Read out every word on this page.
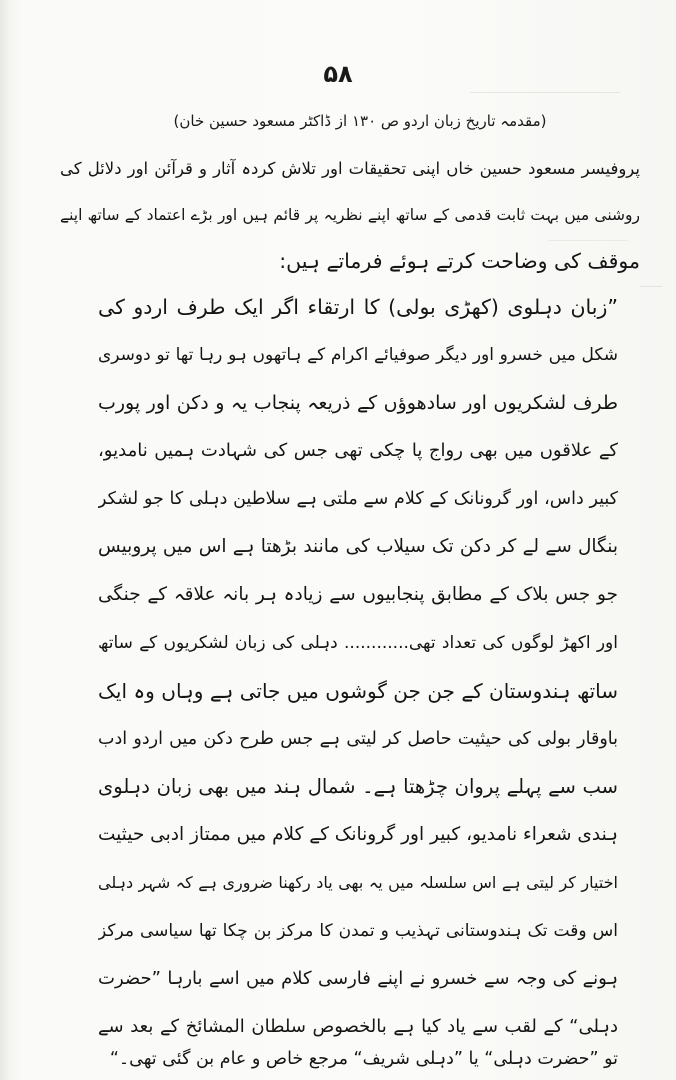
۵۸
(مقدمہ تاریخ زبان اردو ص ۱۳۰ از ڈاکٹر مسعود حسین خان)
پروفیسر مسعود حسین خاں اپنی تحقیقات اور تلاش کردہ آثار و قرآئن اور دلائل کی
روشنی میں بہت ثابت قدمی کے ساتھ اپنے نظریہ پر قائم ہیں اور بڑے اعتماد کے ساتھ اپنے
موقف کی وضاحت کرتے ہوئے فرماتے ہیں:
”زبان دہلوی (کھڑی بولی) کا ارتقاء اگر ایک طرف اردو کی
شکل میں خسرو اور دیگر صوفیائے اکرام کے ہاتھوں ہو رہا تھا تو دوسری
طرف لشکریوں اور سادھوؤں کے ذریعہ پنجاب یہ و دکن اور پورب
کے علاقوں میں بھی رواج پا چکی تھی جس کی شہادت ہمیں نامدیو،
کبیر داس، اور گرونانک کے کلام سے ملتی ہے سلاطین دہلی کا جو لشکر
بنگال سے لے کر دکن تک سیلاب کی مانند بڑھتا ہے اس میں پروبیس
جو جس بلاک کے مطابق پنجابیوں سے زیادہ ہر بانہ علاقہ کے جنگی
اور اکھڑ لوگوں کی تعداد تھی............ دہلی کی زبان لشکریوں کے ساتھ
ساتھ ہندوستان کے جن جن گوشوں میں جاتی ہے وہاں وہ ایک
باوقار بولی کی حیثیت حاصل کر لیتی ہے جس طرح دکن میں اردو ادب
سب سے پہلے پروان چڑھتا ہے۔ شمال ہند میں بھی زبان دہلوی
ہندی شعراء نامدیو، کبیر اور گرونانک کے کلام میں ممتاز ادبی حیثیت
اختیار کر لیتی ہے اس سلسلہ میں یہ بھی یاد رکھنا ضروری ہے کہ شہر دہلی
اس وقت تک ہندوستانی تہذیب و تمدن کا مرکز بن چکا تھا سیاسی مرکز
ہونے کی وجہ سے خسرو نے اپنے فارسی کلام میں اسے بارہا ”حضرت
دہلی“ کے لقب سے یاد کیا ہے بالخصوص سلطان المشائخ کے بعد سے
تو ”حضرت دہلی“ یا ”دہلی شریف“ مرجع خاص و عام بن گئی تھی۔“
